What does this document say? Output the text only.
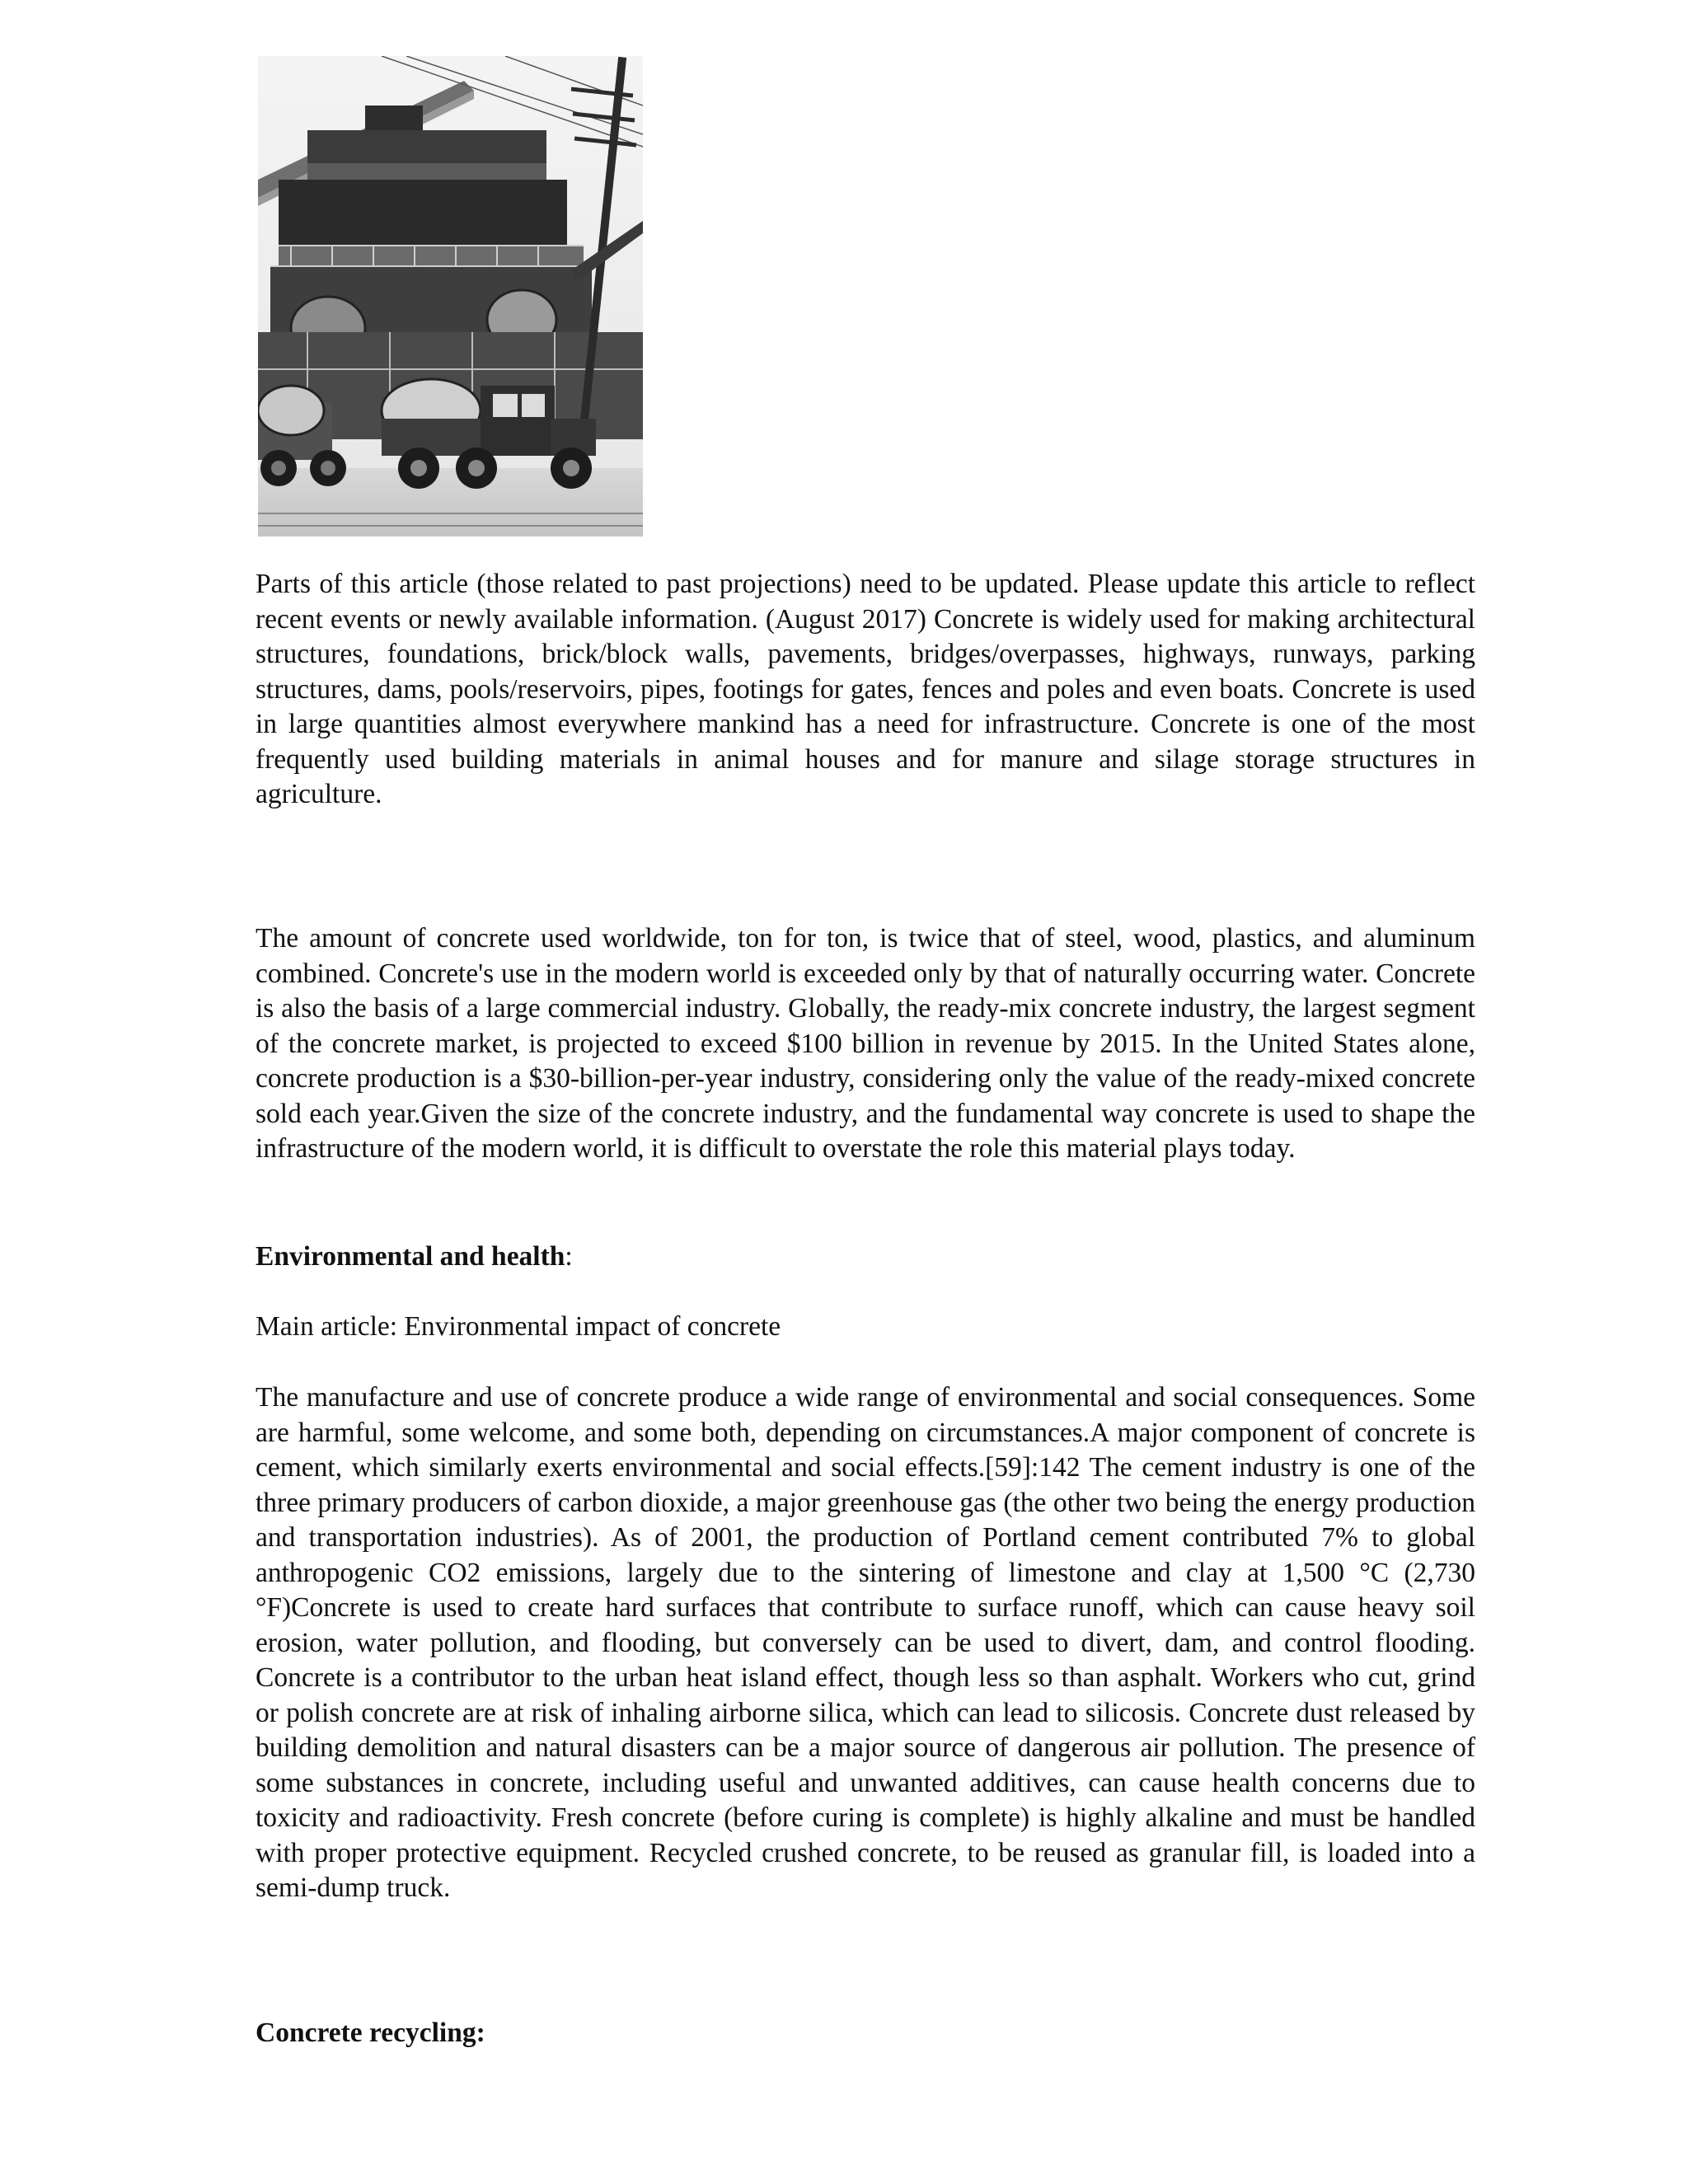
Parts of this article (those related to past projections) need to be updated. Please update this article to reflect recent events or newly available information. (August 2017) Concrete is widely used for making architectural structures, foundations, brick/block walls, pavements, bridges/overpasses, highways, runways, parking structures, dams, pools/reservoirs, pipes, footings for gates, fences and poles and even boats. Concrete is used in large quantities almost everywhere mankind has a need for infrastructure. Concrete is one of the most frequently used building materials in animal houses and for manure and silage storage structures in agriculture.

The amount of concrete used worldwide, ton for ton, is twice that of steel, wood, plastics, and aluminum combined. Concrete's use in the modern world is exceeded only by that of naturally occurring water. Concrete is also the basis of a large commercial industry. Globally, the ready-mix concrete industry, the largest segment of the concrete market, is projected to exceed $100 billion in revenue by 2015. In the United States alone, concrete production is a $30-billion-per-year industry, considering only the value of the ready-mixed concrete sold each year.Given the size of the concrete industry, and the fundamental way concrete is used to shape the infrastructure of the modern world, it is difficult to overstate the role this material plays today.

Environmental and health:

Main article: Environmental impact of concrete

The manufacture and use of concrete produce a wide range of environmental and social consequences. Some are harmful, some welcome, and some both, depending on circumstances.A major component of concrete is cement, which similarly exerts environmental and social effects.[59]:142 The cement industry is one of the three primary producers of carbon dioxide, a major greenhouse gas (the other two being the energy production and transportation industries). As of 2001, the production of Portland cement contributed 7% to global anthropogenic CO2 emissions, largely due to the sintering of limestone and clay at 1,500 °C (2,730 °F)Concrete is used to create hard surfaces that contribute to surface runoff, which can cause heavy soil erosion, water pollution, and flooding, but conversely can be used to divert, dam, and control flooding. Concrete is a contributor to the urban heat island effect, though less so than asphalt. Workers who cut, grind or polish concrete are at risk of inhaling airborne silica, which can lead to silicosis. Concrete dust released by building demolition and natural disasters can be a major source of dangerous air pollution. The presence of some substances in concrete, including useful and unwanted additives, can cause health concerns due to toxicity and radioactivity. Fresh concrete (before curing is complete) is highly alkaline and must be handled with proper protective equipment. Recycled crushed concrete, to be reused as granular fill, is loaded into a semi-dump truck.

Concrete recycling:
